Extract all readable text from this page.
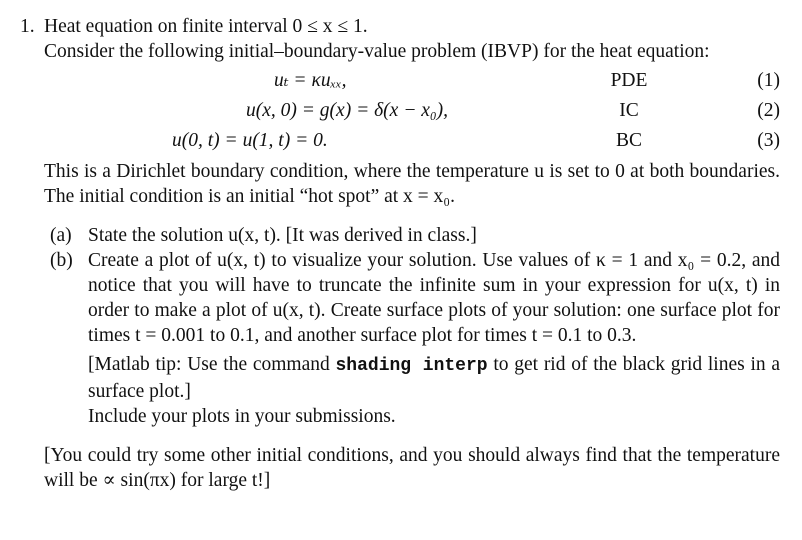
1. Heat equation on finite interval 0 ≤ x ≤ 1.
Consider the following initial–boundary-value problem (IBVP) for the heat equation:
uₜ = κuₓₓ,	PDE	(1)
u(x, 0) = g(x) = δ(x − x₀),	IC	(2)
u(0, t) = u(1, t) = 0.	BC	(3)
This is a Dirichlet boundary condition, where the temperature u is set to 0 at both boundaries. The initial condition is an initial “hot spot” at x = x₀.
(a) State the solution u(x, t). [It was derived in class.]
(b) Create a plot of u(x, t) to visualize your solution. Use values of κ = 1 and x₀ = 0.2, and notice that you will have to truncate the infinite sum in your expression for u(x, t) in order to make a plot of u(x, t). Create surface plots of your solution: one surface plot for times t = 0.001 to 0.1, and another surface plot for times t = 0.1 to 0.3.
[Matlab tip: Use the command shading interp to get rid of the black grid lines in a surface plot.]
Include your plots in your submissions.
[You could try some other initial conditions, and you should always find that the temperature will be ∝ sin(πx) for large t!]
